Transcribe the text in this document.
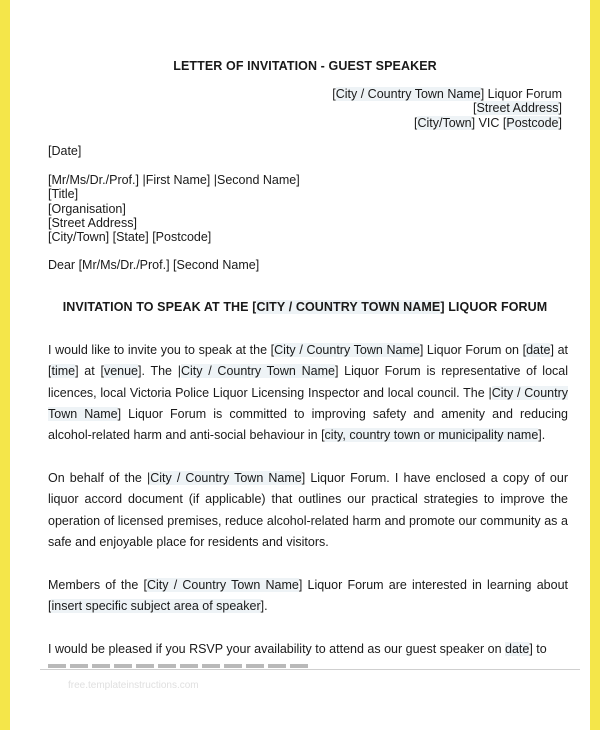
LETTER OF INVITATION - GUEST SPEAKER
[City / Country Town Name] Liquor Forum
[Street Address]
[City/Town] VIC [Postcode]
[Date]
[Mr/Ms/Dr./Prof.] |First Name] |Second Name]
[Title]
[Organisation]
[Street Address]
[City/Town] [State] [Postcode]
Dear [Mr/Ms/Dr./Prof.] [Second Name]
INVITATION TO SPEAK AT THE [CITY / COUNTRY TOWN NAME] LIQUOR FORUM
I would like to invite you to speak at the [City / Country Town Name] Liquor Forum on [date] at [time] at [venue]. The |City / Country Town Name] Liquor Forum is representative of local licences, local Victoria Police Liquor Licensing Inspector and local council. The |City / Country Town Name] Liquor Forum is committed to improving safety and amenity and reducing alcohol-related harm and anti-social behaviour in [city, country town or municipality name].
On behalf of the |City / Country Town Name] Liquor Forum. I have enclosed a copy of our liquor accord document (if applicable) that outlines our practical strategies to improve the operation of licensed premises, reduce alcohol-related harm and promote our community as a safe and enjoyable place for residents and visitors.
Members of the [City / Country Town Name] Liquor Forum are interested in learning about [insert specific subject area of speaker].
I would be pleased if you RSVP your availability to attend as our guest speaker on date] to
free.templateinstructions.com
